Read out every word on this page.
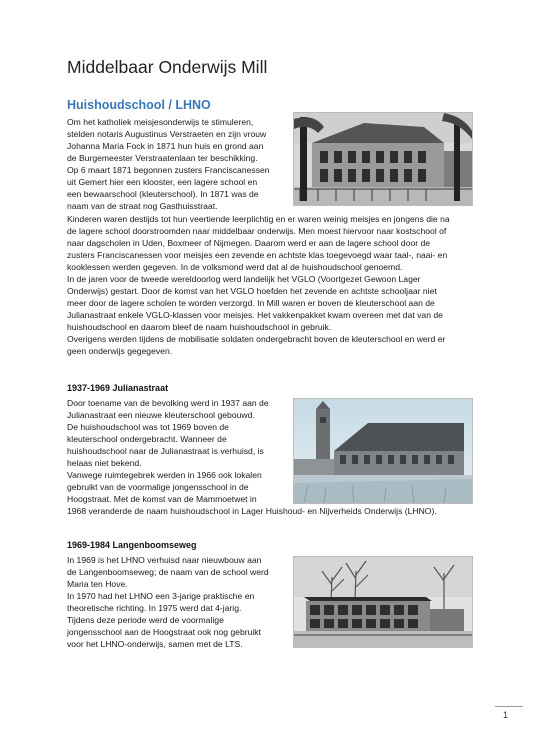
Middelbaar Onderwijs Mill
Huishoudschool / LHNO

Om het katholiek meisjesonderwijs te stimuleren,

stelden notaris Augustinus Verstraeten en zijn vrouw

Johanna Maria Fock in 1871 hun huis en grond aan

de Burgemeester Verstraatenlaan ter beschikking.

Op 6 maart 1871 begonnen zusters Franciscanessen

uit Gemert hier een klooster, een lagere school en

een bewaarschool (kleuterschool). In 1871 was de

naam van de straat nog Gasthuisstraat.

Kinderen waren destijds tot hun veertiende leerplichtig en er waren weinig meisjes en jongens die na

de lagere school doorstroomden naar middelbaar onderwijs. Men moest hiervoor naar kostschool of

naar dagscholen in Uden, Boxmeer of Nijmegen. Daarom werd er aan de lagere school door de

zusters Franciscanessen voor meisjes een zevende en achtste klas toegevoegd waar taal-, naai- en

kooklessen werden gegeven. In de volksmond werd dat al de huishoudschool genoemd.

In de jaren voor de tweede wereldoorlog werd landelijk het VGLO (Voortgezet Gewoon Lager

Onderwijs) gestart. Door de komst van het VGLO hoefden het zevende en achtste schooljaar niet

meer door de lagere scholen te worden verzorgd. In Mill waren er boven de kleuterschool aan de

Julianastraat enkele VGLO-klassen voor meisjes. Het vakkenpakket kwam overeen met dat van de

huishoudschool en daarom bleef de naam huishoudschool in gebruik.

Overigens werden tijdens de mobilisatie soldaten ondergebracht boven de kleuterschool en werd er

geen onderwijs gegegeven.

1937-1969 Julianastraat

Door toename van de bevolking werd in 1937 aan de

Julianastraat een nieuwe kleuterschool gebouwd.

De huishoudschool was tot 1969 boven de

kleuterschool ondergebracht. Wanneer de

huishoudschool naar de Julianastraat is verhuisd, is

helaas niet bekend.

Vanwege ruimtegebrek werden in 1966 ook lokalen

gebruikt van de voormalige jongensschool in de

Hoogstraat. Met de komst van de Mammoetwet in

1968 veranderde de naam huishoudschool in Lager Huishoud- en Nijverheids Onderwijs (LHNO).

1969-1984 Langenboomseweg

In 1969 is het LHNO verhuisd naar nieuwbouw aan

de Langenboomseweg; de naam van de school werd

Maria ten Hove.

In 1970 had het LHNO een 3-jarige praktische en

theoretische richting. In 1975 werd dat 4-jarig.

Tijdens deze periode werd de voormalige

jongensschool aan de Hoogstraat ook nog gebruikt

voor het LHNO-onderwijs, samen met de LTS.

1
